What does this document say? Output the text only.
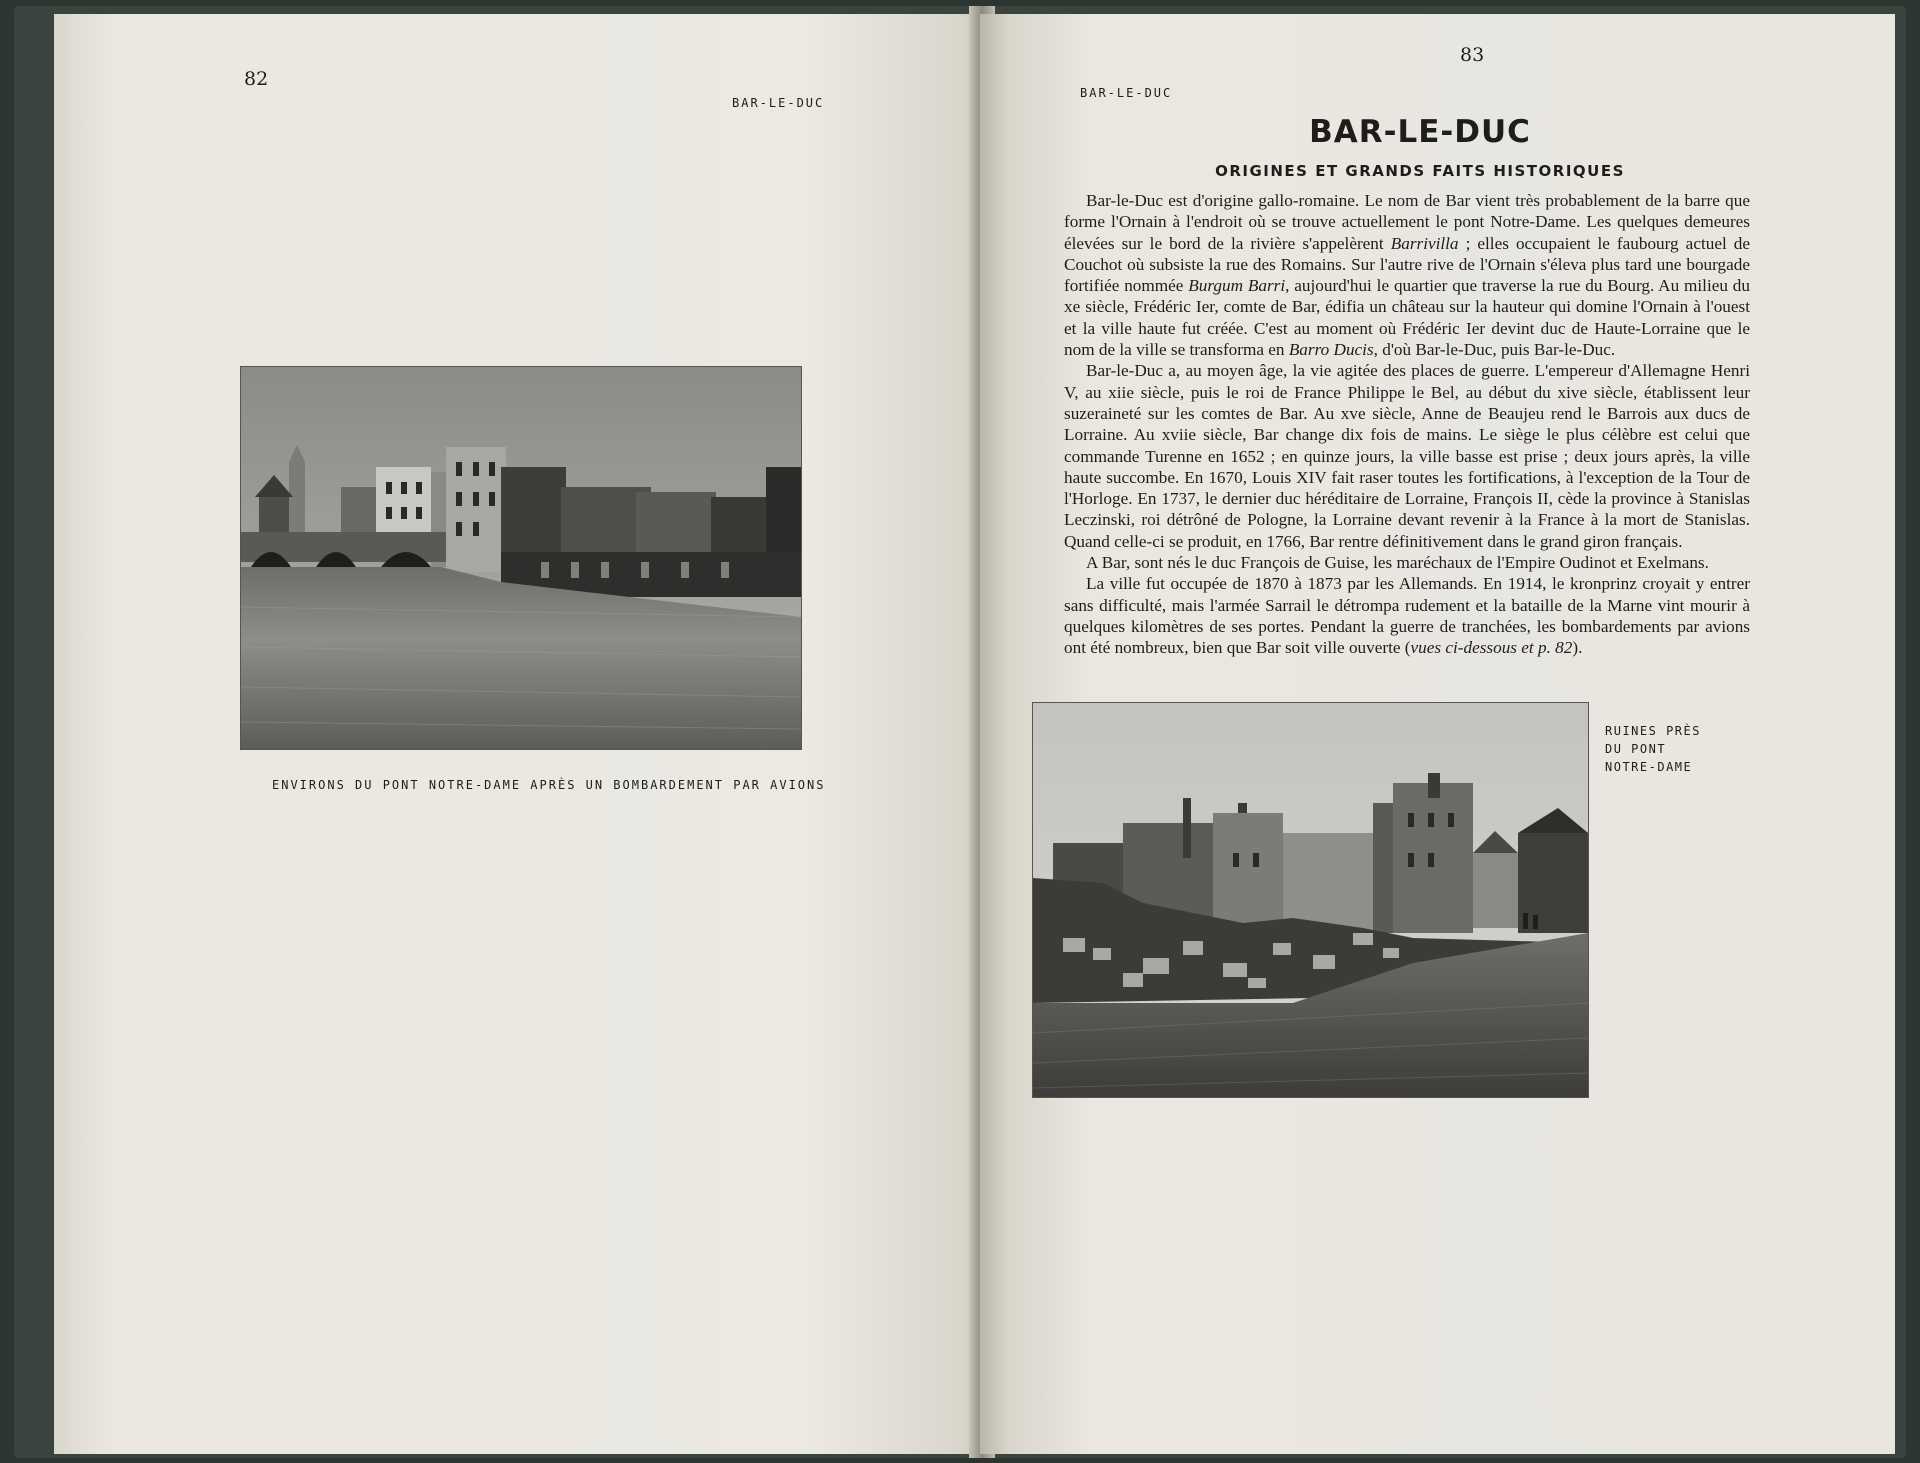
82
BAR-LE-DUC
ENVIRONS DU PONT NOTRE-DAME APRÈS UN BOMBARDEMENT PAR AVIONS
83
BAR-LE-DUC
BAR-LE-DUC
ORIGINES ET GRANDS FAITS HISTORIQUES

Bar-le-Duc est d'origine gallo-romaine. Le nom de Bar vient très probablement de la barre que forme l'Ornain à l'endroit où se trouve actuellement le pont Notre-Dame. Les quelques demeures élevées sur le bord de la rivière s'appelèrent Barrivilla ; elles occupaient le faubourg actuel de Couchot où subsiste la rue des Romains. Sur l'autre rive de l'Ornain s'éleva plus tard une bourgade fortifiée nommée Burgum Barri, aujourd'hui le quartier que traverse la rue du Bourg. Au milieu du xe siècle, Frédéric Ier, comte de Bar, édifia un château sur la hauteur qui domine l'Ornain à l'ouest et la ville haute fut créée. C'est au moment où Frédéric Ier devint duc de Haute-Lorraine que le nom de la ville se transforma en Barro Ducis, d'où Bar-le-Duc, puis Bar-le-Duc.

Bar-le-Duc a, au moyen âge, la vie agitée des places de guerre. L'empereur d'Allemagne Henri V, au xiie siècle, puis le roi de France Philippe le Bel, au début du xive siècle, établissent leur suzeraineté sur les comtes de Bar. Au xve siècle, Anne de Beaujeu rend le Barrois aux ducs de Lorraine. Au xviie siècle, Bar change dix fois de mains. Le siège le plus célèbre est celui que commande Turenne en 1652 ; en quinze jours, la ville basse est prise ; deux jours après, la ville haute succombe. En 1670, Louis XIV fait raser toutes les fortifications, à l'exception de la Tour de l'Horloge. En 1737, le dernier duc héréditaire de Lorraine, François II, cède la province à Stanislas Leczinski, roi détrôné de Pologne, la Lorraine devant revenir à la France à la mort de Stanislas. Quand celle-ci se produit, en 1766, Bar rentre définitivement dans le grand giron français.

A Bar, sont nés le duc François de Guise, les maréchaux de l'Empire Oudinot et Exelmans.

La ville fut occupée de 1870 à 1873 par les Allemands. En 1914, le kronprinz croyait y entrer sans difficulté, mais l'armée Sarrail le détrompa rudement et la bataille de la Marne vint mourir à quelques kilomètres de ses portes. Pendant la guerre de tranchées, les bombardements par avions ont été nombreux, bien que Bar soit ville ouverte (vues ci-dessous et p. 82).

RUINES PRÈS
DU PONT
NOTRE-DAME
